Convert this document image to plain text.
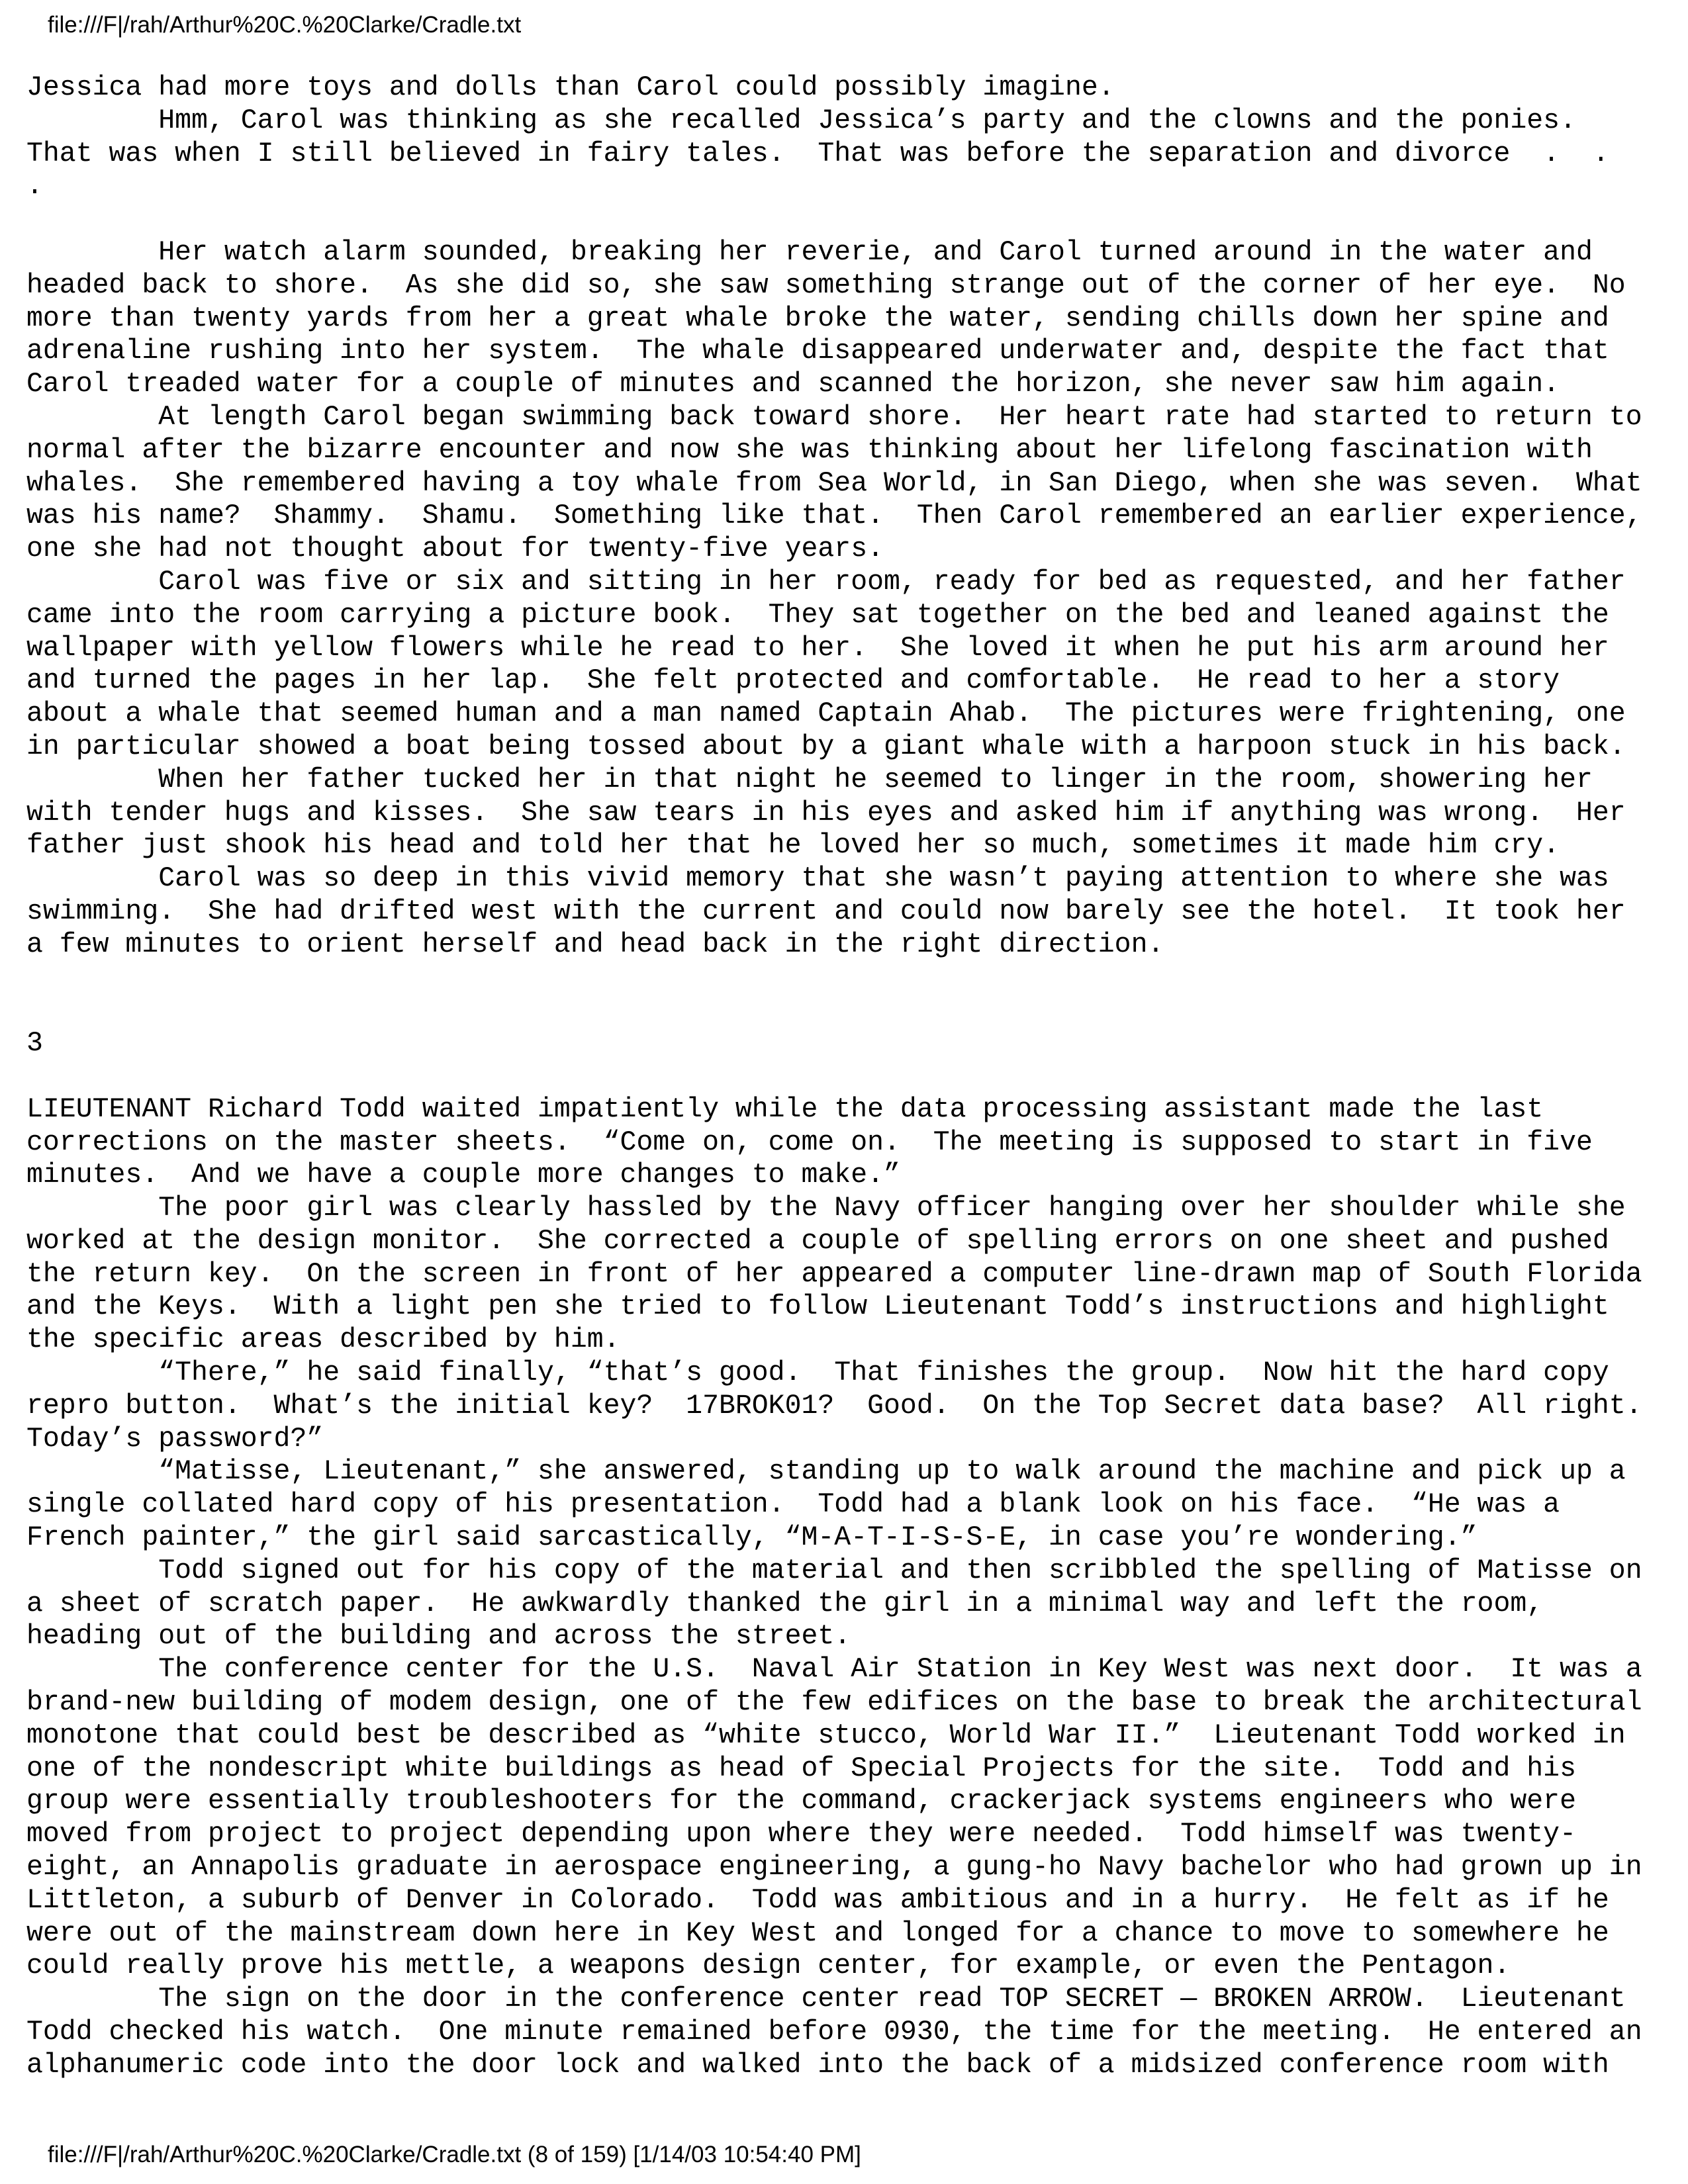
file:///F|/rah/Arthur%20C.%20Clarke/Cradle.txt
Jessica had more toys and dolls than Carol could possibly imagine.
Hmm, Carol was thinking as she recalled Jessica’s party and the clowns and the ponies.
That was when I still believed in fairy tales.  That was before the separation and divorce  .  .
.
Her watch alarm sounded, breaking her reverie, and Carol turned around in the water and
headed back to shore.  As she did so, she saw something strange out of the corner of her eye.  No
more than twenty yards from her a great whale broke the water, sending chills down her spine and
adrenaline rushing into her system.  The whale disappeared underwater and, despite the fact that
Carol treaded water for a couple of minutes and scanned the horizon, she never saw him again.
At length Carol began swimming back toward shore.  Her heart rate had started to return to
normal after the bizarre encounter and now she was thinking about her lifelong fascination with
whales.  She remembered having a toy whale from Sea World, in San Diego, when she was seven.  What
was his name?  Shammy.  Shamu.  Something like that.  Then Carol remembered an earlier experience,
one she had not thought about for twenty-five years.
Carol was five or six and sitting in her room, ready for bed as requested, and her father
came into the room carrying a picture book.  They sat together on the bed and leaned against the
wallpaper with yellow flowers while he read to her.  She loved it when he put his arm around her
and turned the pages in her lap.  She felt protected and comfortable.  He read to her a story
about a whale that seemed human and a man named Captain Ahab.  The pictures were frightening, one
in particular showed a boat being tossed about by a giant whale with a harpoon stuck in his back.
When her father tucked her in that night he seemed to linger in the room, showering her
with tender hugs and kisses.  She saw tears in his eyes and asked him if anything was wrong.  Her
father just shook his head and told her that he loved her so much, sometimes it made him cry.
Carol was so deep in this vivid memory that she wasn’t paying attention to where she was
swimming.  She had drifted west with the current and could now barely see the hotel.  It took her
a few minutes to orient herself and head back in the right direction.
3
LIEUTENANT Richard Todd waited impatiently while the data processing assistant made the last
corrections on the master sheets.  “Come on, come on.  The meeting is supposed to start in five
minutes.  And we have a couple more changes to make.”
The poor girl was clearly hassled by the Navy officer hanging over her shoulder while she
worked at the design monitor.  She corrected a couple of spelling errors on one sheet and pushed
the return key.  On the screen in front of her appeared a computer line-drawn map of South Florida
and the Keys.  With a light pen she tried to follow Lieutenant Todd’s instructions and highlight
the specific areas described by him.
“There,” he said finally, “that’s good.  That finishes the group.  Now hit the hard copy
repro button.  What’s the initial key?  17BROK01?  Good.  On the Top Secret data base?  All right.
Today’s password?”
“Matisse, Lieutenant,” she answered, standing up to walk around the machine and pick up a
single collated hard copy of his presentation.  Todd had a blank look on his face.  “He was a
French painter,” the girl said sarcastically, “M-A-T-I-S-S-E, in case you’re wondering.”
Todd signed out for his copy of the material and then scribbled the spelling of Matisse on
a sheet of scratch paper.  He awkwardly thanked the girl in a minimal way and left the room,
heading out of the building and across the street.
The conference center for the U.S.  Naval Air Station in Key West was next door.  It was a
brand-new building of modem design, one of the few edifices on the base to break the architectural
monotone that could best be described as “white stucco, World War II.”  Lieutenant Todd worked in
one of the nondescript white buildings as head of Special Projects for the site.  Todd and his
group were essentially troubleshooters for the command, crackerjack systems engineers who were
moved from project to project depending upon where they were needed.  Todd himself was twenty-
eight, an Annapolis graduate in aerospace engineering, a gung-ho Navy bachelor who had grown up in
Littleton, a suburb of Denver in Colorado.  Todd was ambitious and in a hurry.  He felt as if he
were out of the mainstream down here in Key West and longed for a chance to move to somewhere he
could really prove his mettle, a weapons design center, for example, or even the Pentagon.
The sign on the door in the conference center read TOP SECRET — BROKEN ARROW.  Lieutenant
Todd checked his watch.  One minute remained before 0930, the time for the meeting.  He entered an
alphanumeric code into the door lock and walked into the back of a midsized conference room with
file:///F|/rah/Arthur%20C.%20Clarke/Cradle.txt (8 of 159) [1/14/03 10:54:40 PM]
